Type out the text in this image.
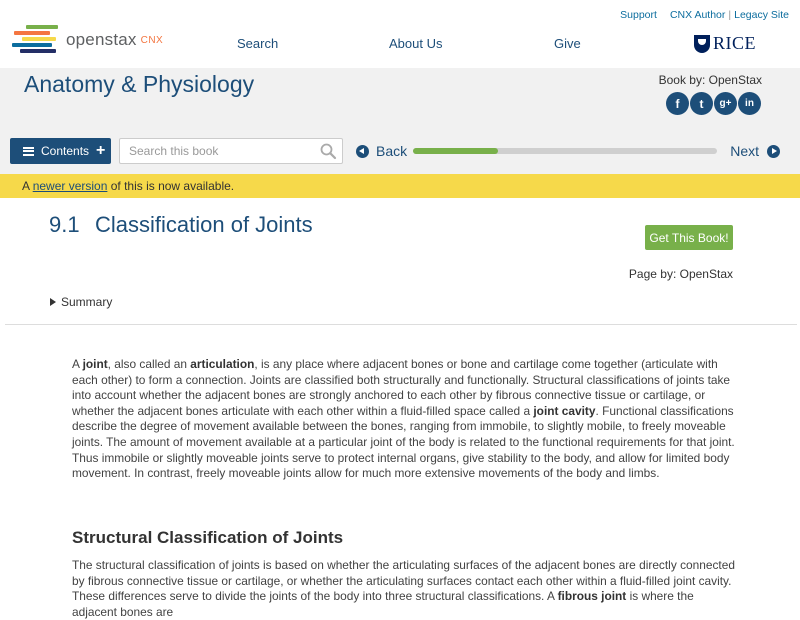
openstax CNX
Support CNX Author | Legacy Site
Search	About Us	Give	RICE
Anatomy & Physiology	Book by: OpenStax
f	t	g+	in
Contents +
Search this book	Back	Next
A newer version of this is now available.
9.1 Classification of Joints
Get This Book!
Page by: OpenStax
Summary

A joint, also called an articulation, is any place where adjacent bones or bone and cartilage come together (articulate with each other) to form a connection. Joints are classified both structurally and functionally. Structural classifications of joints take into account whether the adjacent bones are strongly anchored to each other by fibrous connective tissue or cartilage, or whether the adjacent bones articulate with each other within a fluid-filled space called a joint cavity. Functional classifications describe the degree of movement available between the bones, ranging from immobile, to slightly mobile, to freely moveable joints. The amount of movement available at a particular joint of the body is related to the functional requirements for that joint. Thus immobile or slightly moveable joints serve to protect internal organs, give stability to the body, and allow for limited body movement. In contrast, freely moveable joints allow for much more extensive movements of the body and limbs.

Structural Classification of Joints

The structural classification of joints is based on whether the articulating surfaces of the adjacent bones are directly connected by fibrous connective tissue or cartilage, or whether the articulating surfaces contact each other within a fluid-filled joint cavity. These differences serve to divide the joints of the body into three structural classifications. A fibrous joint is where the adjacent bones are
